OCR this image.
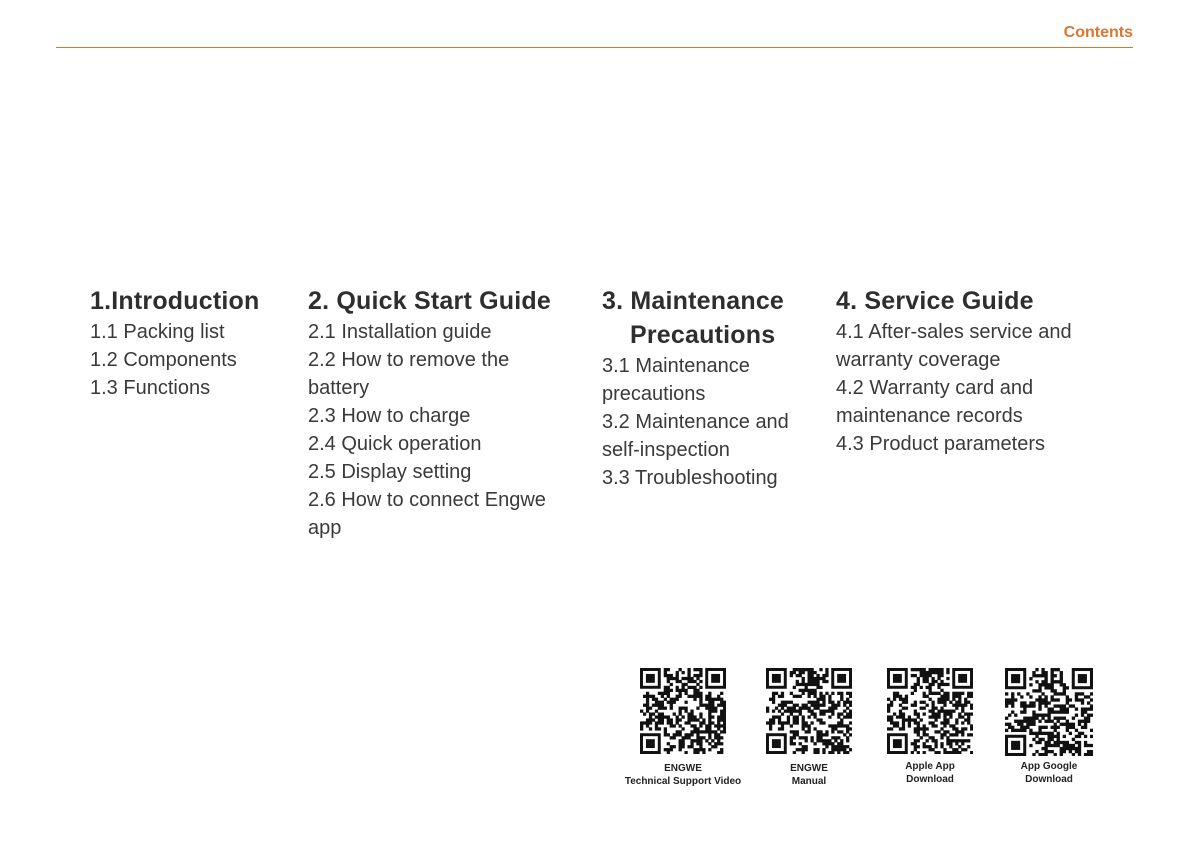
Contents
1.Introduction
1.1 Packing list
1.2 Components
1.3 Functions
2. Quick Start Guide
2.1 Installation guide
2.2 How to remove the battery
2.3 How to charge
2.4 Quick operation
2.5 Display setting
2.6 How to connect Engwe app
3. Maintenance
Precautions
3.1 Maintenance precautions
3.2 Maintenance and self-inspection
3.3 Troubleshooting
4. Service Guide
4.1 After-sales service and warranty coverage
4.2 Warranty card and maintenance records
4.3 Product parameters
ENGWE
Technical Support Video
ENGWE
Manual
Apple App
Download
App Google
Download
